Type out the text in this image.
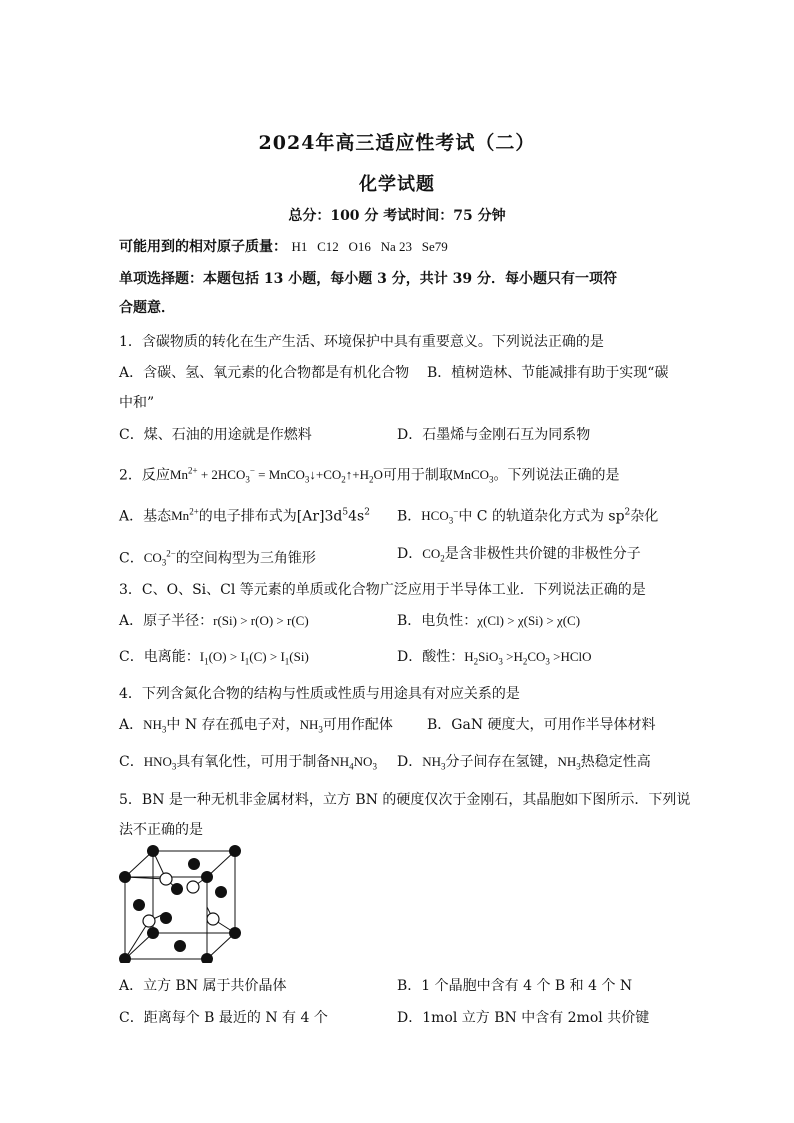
2024年高三适应性考试（二）
化学试题
总分：100 分 考试时间：75 分钟
可能用到的相对原子质量： H1   C12   O16   Na 23   Se79
单项选择题：本题包括 13 小题，每小题 3 分，共计 39 分．每小题只有一项符
合题意．
1．含碳物质的转化在生产生活、环境保护中具有重要意义。下列说法正确的是
A．含碳、氢、氧元素的化合物都是有机化合物 B．植树造林、节能减排有助于实现“碳
中和”
C．煤、石油的用途就是作燃料	D．石墨烯与金刚石互为同系物
2．反应$Mn^{2+} + 2HCO_3^-$ = $MnCO_3↓+CO_2↑+H_2O$可用于制取MnCO$_3$。下列说法正确的是
A．基态$Mn^{2+}$的电子排布式为$[Ar]3d^54s^2$ B．$HCO_3^-$中 C 的轨道杂化方式为 $sp^2$杂化
C．$CO_3^{2-}$的空间构型为三角锥形	D．$CO_2$是含非极性共价键的非极性分子
3．C、O、Si、Cl 等元素的单质或化合物广泛应用于半导体工业．下列说法正确的是
A．原子半径：r(Si) > r(O) > r(C)	B．电负性：χ(Cl) > χ(Si) > χ(C)
C．电离能：$I_1(O) > I_1(C) > I_1(Si)$	D．酸性：$H_2SiO_3 >H_2CO_3$ >HClO
4．下列含氮化合物的结构与性质或性质与用途具有对应关系的是
A．$NH_3$中 N 存在孤电子对，$NH_3$可用作配体 B．GaN 硬度大，可用作半导体材料
C．$HNO_3$具有氧化性，可用于制备$NH_4NO_3$ D．$NH_3$分子间存在氢键，$NH_3$热稳定性高
5．BN 是一种无机非金属材料，立方 BN 的硬度仅次于金刚石，其晶胞如下图所示．下列说
法不正确的是
A．立方 BN 属于共价晶体	B．1 个晶胞中含有 4 个 B 和 4 个 N
C．距离每个 B 最近的 N 有 4 个	D．1mol 立方 BN 中含有 2mol 共价键
